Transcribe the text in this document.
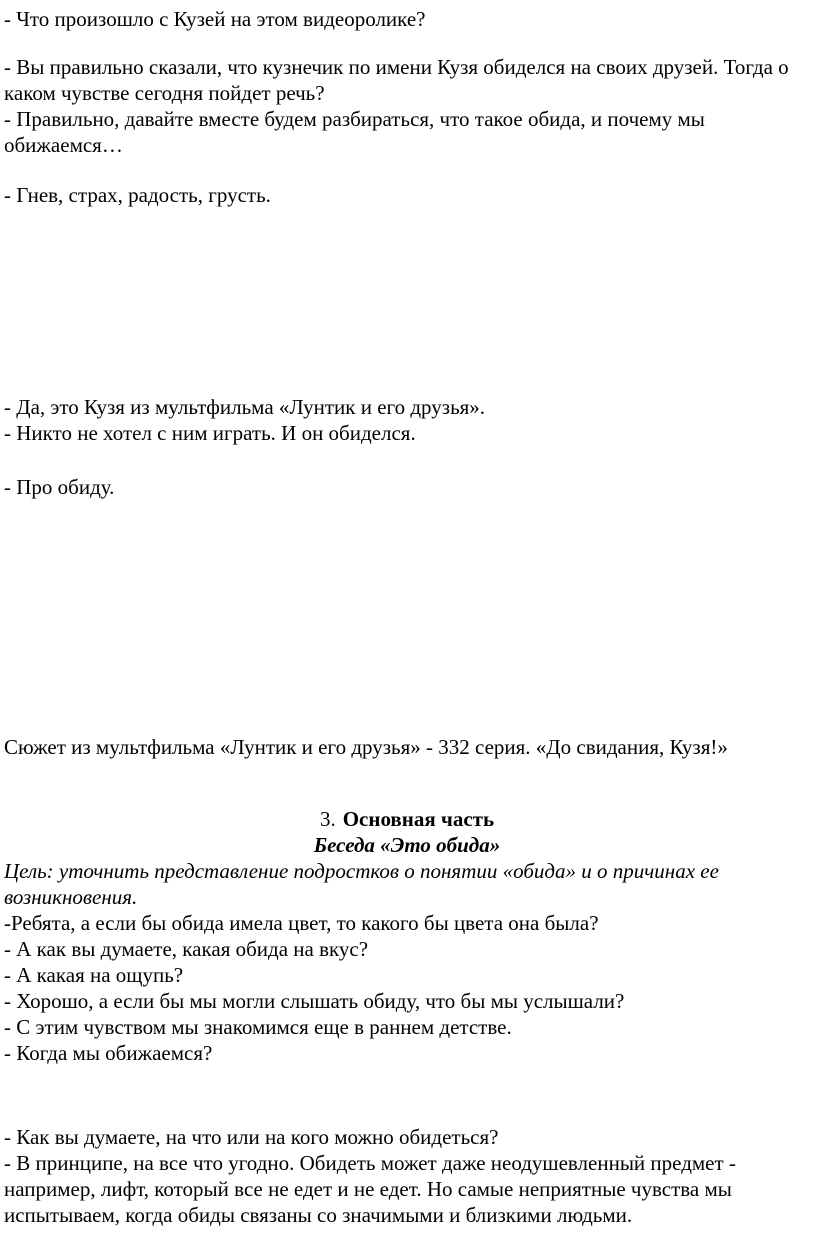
- Что произошло с Кузей на этом видеоролике?

- Вы правильно сказали, что кузнечик по имени Кузя обиделся на своих друзей. Тогда о каком чувстве сегодня пойдет речь?

- Правильно, давайте вместе будем разбираться, что такое обида, и почему мы обижаемся…

- Гнев, страх, радость, грусть.

- Да, это Кузя из мультфильма «Лунтик и его друзья».

- Никто не хотел с ним играть. И он обиделся.

- Про обиду.

Сюжет из мультфильма «Лунтик и его друзья» - 332 серия. «До свидания, Кузя!»

3. Основная часть

Беседа «Это обида»

Цель: уточнить представление подростков о понятии «обида» и о причинах ее возникновения.

-Ребята, а если бы обида имела цвет, то какого бы цвета она была?

- А как вы думаете, какая обида на вкус?

- А какая на ощупь?

- Хорошо, а если бы мы могли слышать обиду, что бы мы услышали?

- С этим чувством мы знакомимся еще в раннем детстве.

- Когда мы обижаемся?

- Как вы думаете, на что или на кого можно обидеться?

- В принципе, на все что угодно. Обидеть может даже неодушевленный предмет - например, лифт, который все не едет и не едет. Но самые неприятные чувства мы испытываем, когда обиды связаны со значимыми и близкими людьми.
